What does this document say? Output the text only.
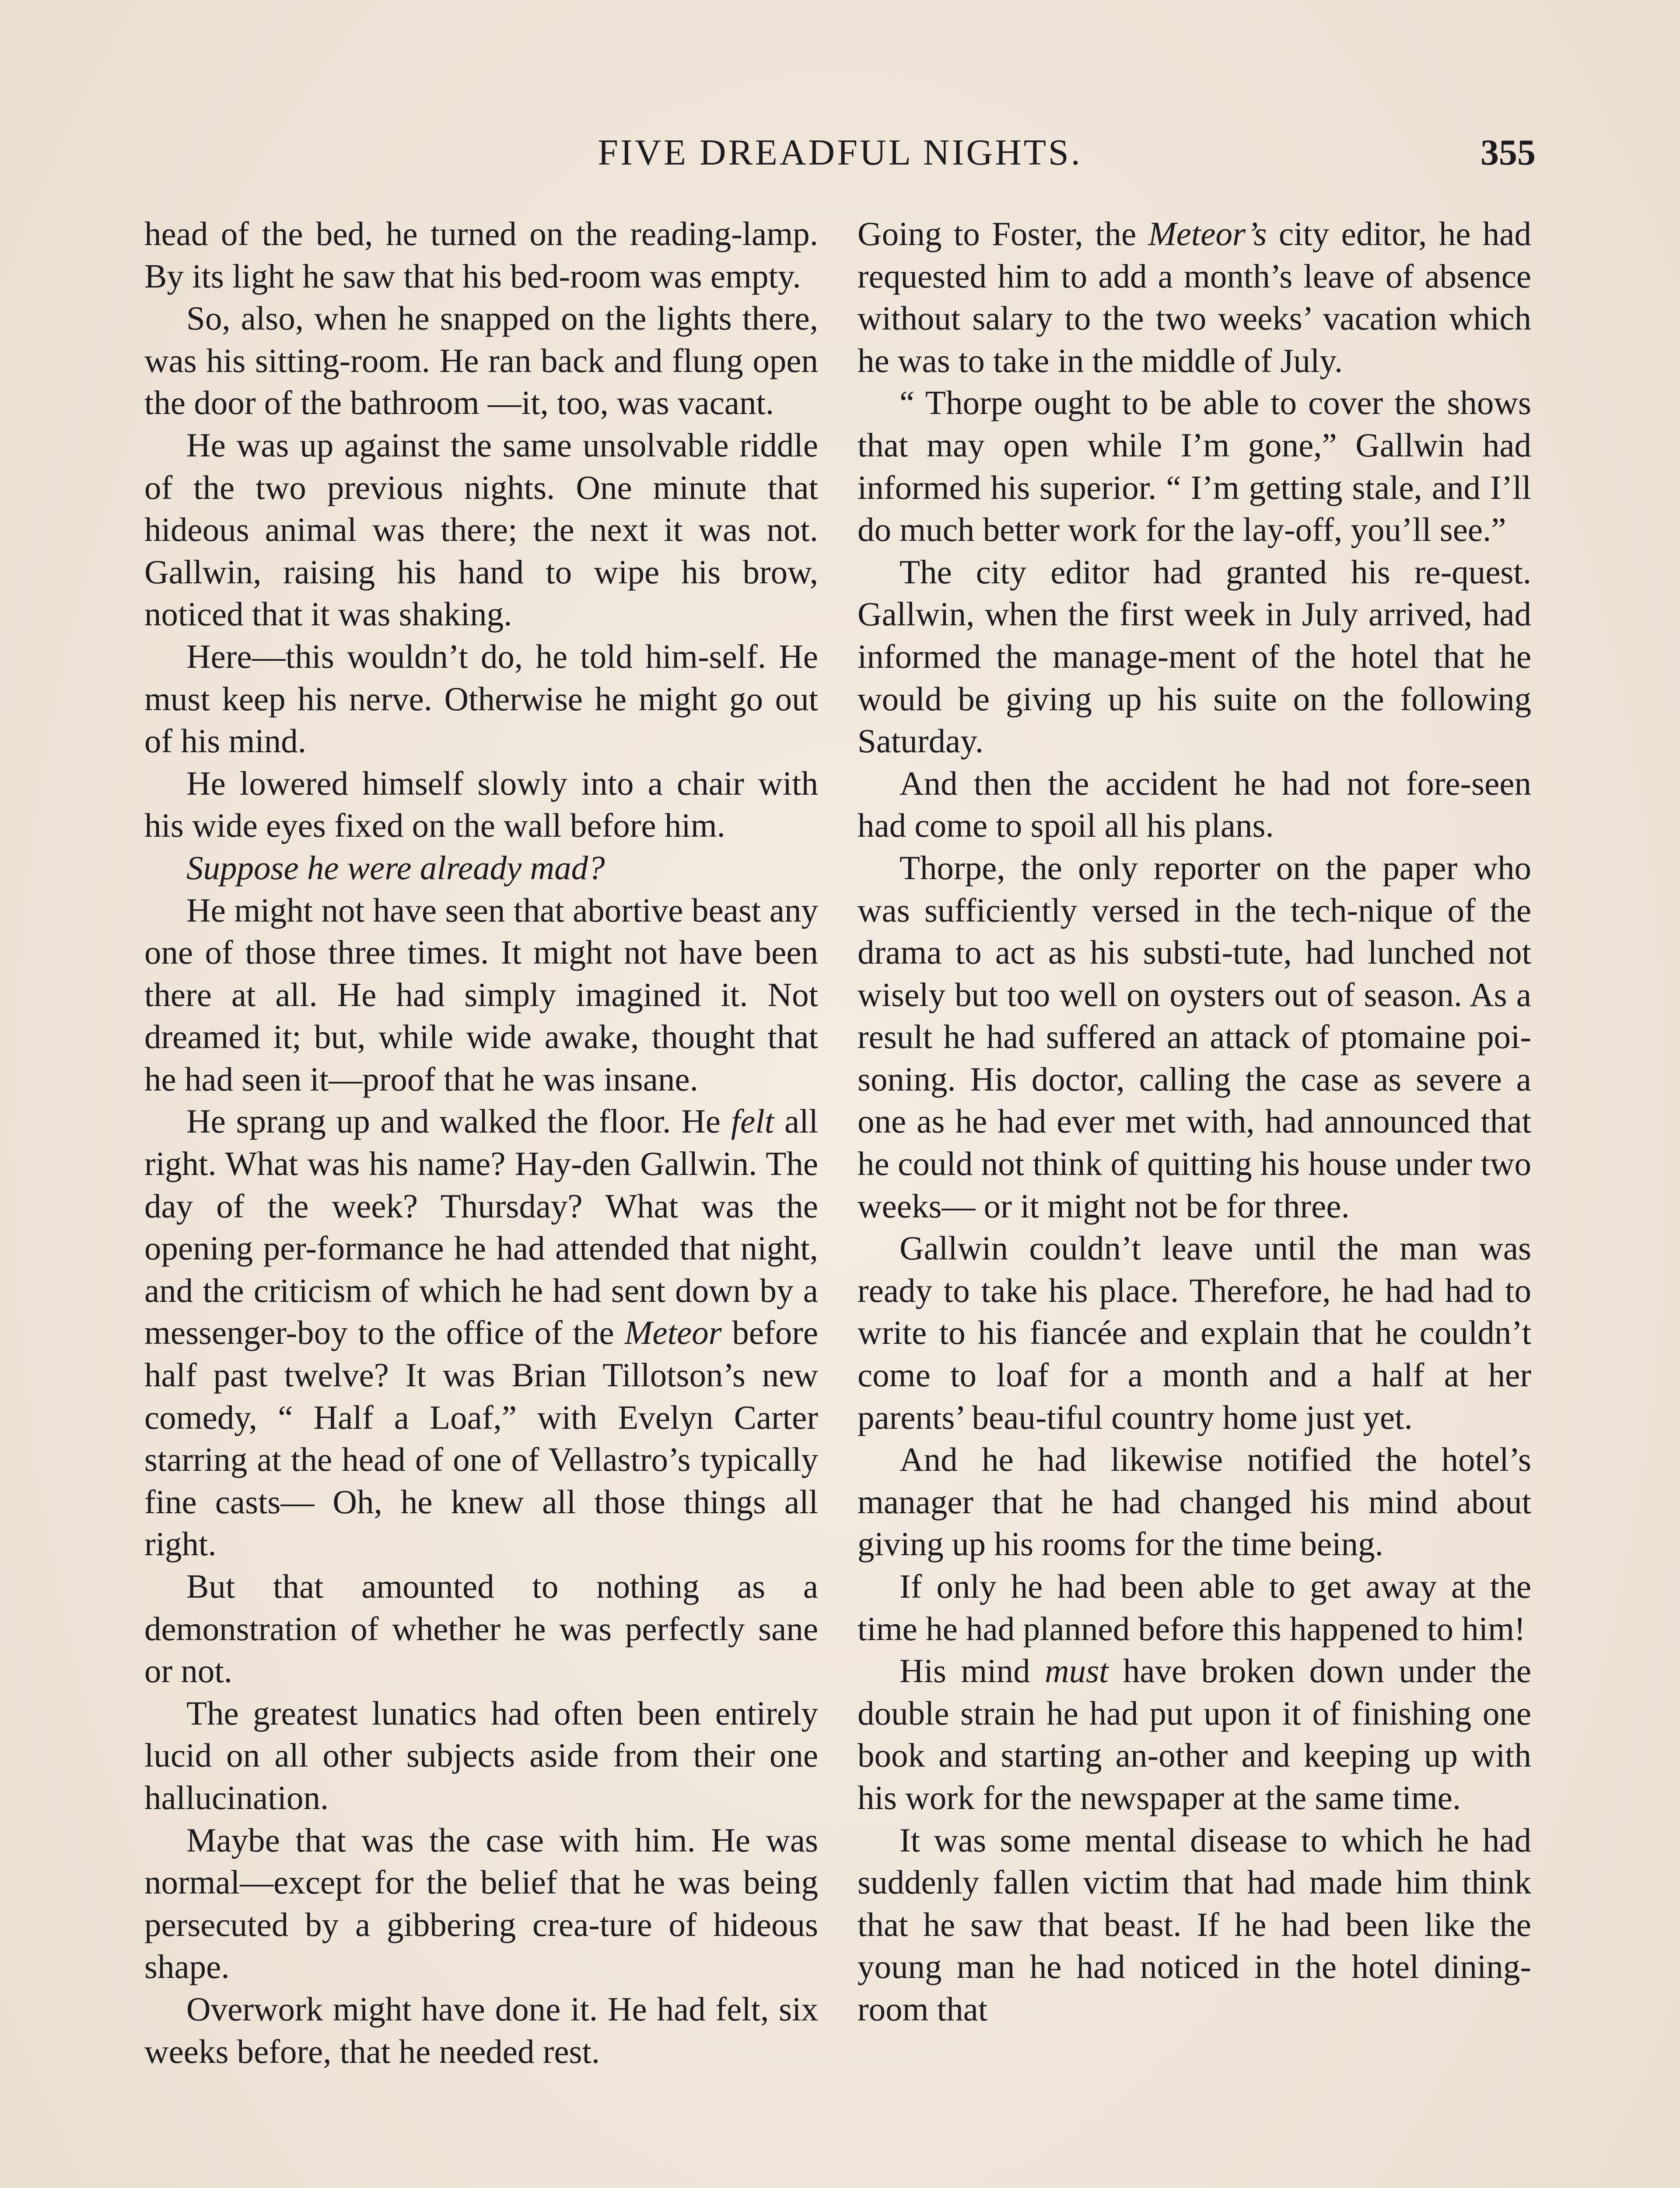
FIVE DREADFUL NIGHTS.	355

head of the bed, he turned on the reading-lamp. By its light he saw that his bed-room was empty.

So, also, when he snapped on the lights there, was his sitting-room. He ran back and flung open the door of the bathroom —it, too, was vacant.

He was up against the same unsolvable riddle of the two previous nights. One minute that hideous animal was there; the next it was not. Gallwin, raising his hand to wipe his brow, noticed that it was shaking.

Here—this wouldn’t do, he told him-self. He must keep his nerve. Otherwise he might go out of his mind.

He lowered himself slowly into a chair with his wide eyes fixed on the wall before him.

Suppose he were already mad?

He might not have seen that abortive beast any one of those three times. It might not have been there at all. He had simply imagined it. Not dreamed it; but, while wide awake, thought that he had seen it—proof that he was insane.

He sprang up and walked the floor. He felt all right. What was his name? Hay-den Gallwin. The day of the week? Thursday? What was the opening per-formance he had attended that night, and the criticism of which he had sent down by a messenger-boy to the office of the Meteor before half past twelve? It was Brian Tillotson’s new comedy, “ Half a Loaf,” with Evelyn Carter starring at the head of one of Vellastro’s typically fine casts— Oh, he knew all those things all right.

But that amounted to nothing as a demonstration of whether he was perfectly sane or not.

The greatest lunatics had often been entirely lucid on all other subjects aside from their one hallucination.

Maybe that was the case with him. He was normal—except for the belief that he was being persecuted by a gibbering crea-ture of hideous shape.

Overwork might have done it. He had felt, six weeks before, that he needed rest.

Going to Foster, the Meteor’s city editor, he had requested him to add a month’s leave of absence without salary to the two weeks’ vacation which he was to take in the middle of July.

“ Thorpe ought to be able to cover the shows that may open while I’m gone,” Gallwin had informed his superior. “ I’m getting stale, and I’ll do much better work for the lay-off, you’ll see.”

The city editor had granted his re-quest. Gallwin, when the first week in July arrived, had informed the manage-ment of the hotel that he would be giving up his suite on the following Saturday.

And then the accident he had not fore-seen had come to spoil all his plans.

Thorpe, the only reporter on the paper who was sufficiently versed in the tech-nique of the drama to act as his substi-tute, had lunched not wisely but too well on oysters out of season. As a result he had suffered an attack of ptomaine poi-soning. His doctor, calling the case as severe a one as he had ever met with, had announced that he could not think of quitting his house under two weeks— or it might not be for three.

Gallwin couldn’t leave until the man was ready to take his place. Therefore, he had had to write to his fiancée and explain that he couldn’t come to loaf for a month and a half at her parents’ beau-tiful country home just yet.

And he had likewise notified the hotel’s manager that he had changed his mind about giving up his rooms for the time being.

If only he had been able to get away at the time he had planned before this happened to him!

His mind must have broken down under the double strain he had put upon it of finishing one book and starting an-other and keeping up with his work for the newspaper at the same time.

It was some mental disease to which he had suddenly fallen victim that had made him think that he saw that beast. If he had been like the young man he had noticed in the hotel dining-room that
